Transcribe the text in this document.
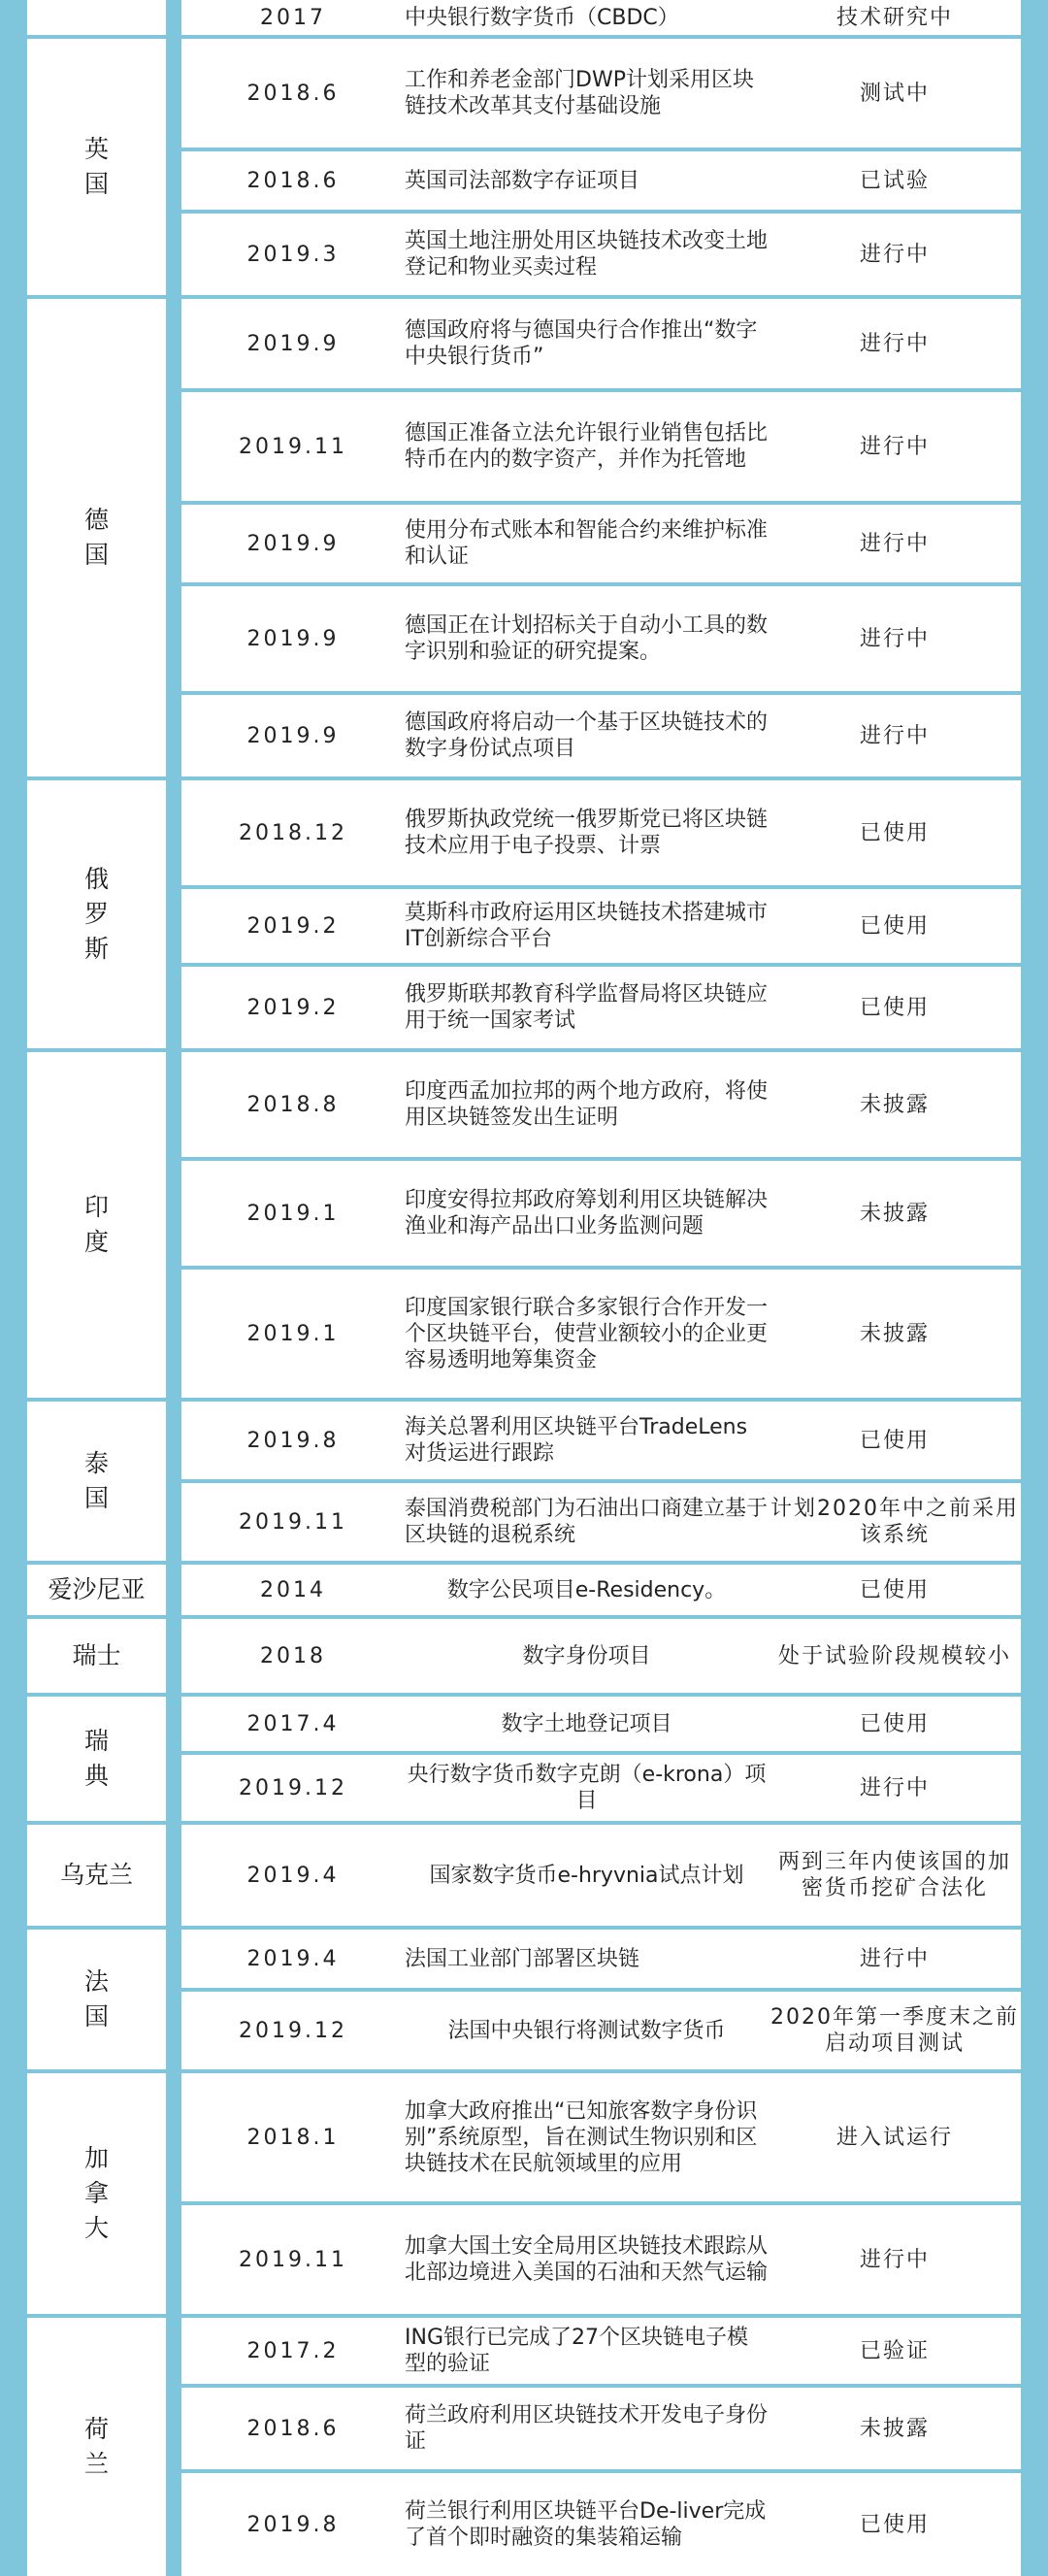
		2017	中央银行数字货币（CBDC）	技术研究中

英国		2018.6	工作和养老金部门DWP计划采用区块链技术改革其支付基础设施	测试中

		2018.6	英国司法部数字存证项目	已试验

		2019.3	英国土地注册处用区块链技术改变土地登记和物业买卖过程	进行中

德国		2019.9	德国政府将与德国央行合作推出“数字中央银行货币”	进行中

		2019.11	德国正准备立法允许银行业销售包括比特币在内的数字资产，并作为托管地	进行中

		2019.9	使用分布式账本和智能合约来维护标准和认证	进行中

		2019.9	德国正在计划招标关于自动小工具的数字识别和验证的研究提案。	进行中

		2019.9	德国政府将启动一个基于区块链技术的数字身份试点项目	进行中

俄罗斯		2018.12	俄罗斯执政党统一俄罗斯党已将区块链技术应用于电子投票、计票	已使用

		2019.2	莫斯科市政府运用区块链技术搭建城市IT创新综合平台	已使用

		2019.2	俄罗斯联邦教育科学监督局将区块链应用于统一国家考试	已使用

印度		2018.8	印度西孟加拉邦的两个地方政府，将使用区块链签发出生证明	未披露

		2019.1	印度安得拉邦政府筹划利用区块链解决渔业和海产品出口业务监测问题	未披露

		2019.1	印度国家银行联合多家银行合作开发一个区块链平台，使营业额较小的企业更容易透明地筹集资金	未披露

泰国		2019.8	海关总署利用区块链平台TradeLens对货运进行跟踪	已使用

		2019.11	泰国消费税部门为石油出口商建立基于区块链的退税系统	计划2020年中之前采用该系统

爱沙尼亚		2014	数字公民项目e-Residency。	已使用

瑞士		2018	数字身份项目	处于试验阶段规模较小

瑞典		2017.4	数字土地登记项目	已使用

		2019.12	央行数字货币数字克朗（e-krona）项目	进行中

乌克兰		2019.4	国家数字货币e-hryvnia试点计划	两到三年内使该国的加密货币挖矿合法化

法国		2019.4	法国工业部门部署区块链	进行中

		2019.12	法国中央银行将测试数字货币	2020年第一季度末之前启动项目测试

加拿大		2018.1	加拿大政府推出“已知旅客数字身份识别”系统原型，旨在测试生物识别和区块链技术在民航领域里的应用	进入试运行

		2019.11	加拿大国土安全局用区块链技术跟踪从北部边境进入美国的石油和天然气运输	进行中

荷兰		2017.2	ING银行已完成了27个区块链电子模型的验证	已验证

		2018.6	荷兰政府利用区块链技术开发电子身份证	未披露

		2019.8	荷兰银行利用区块链平台De-liver完成了首个即时融资的集装箱运输	已使用
